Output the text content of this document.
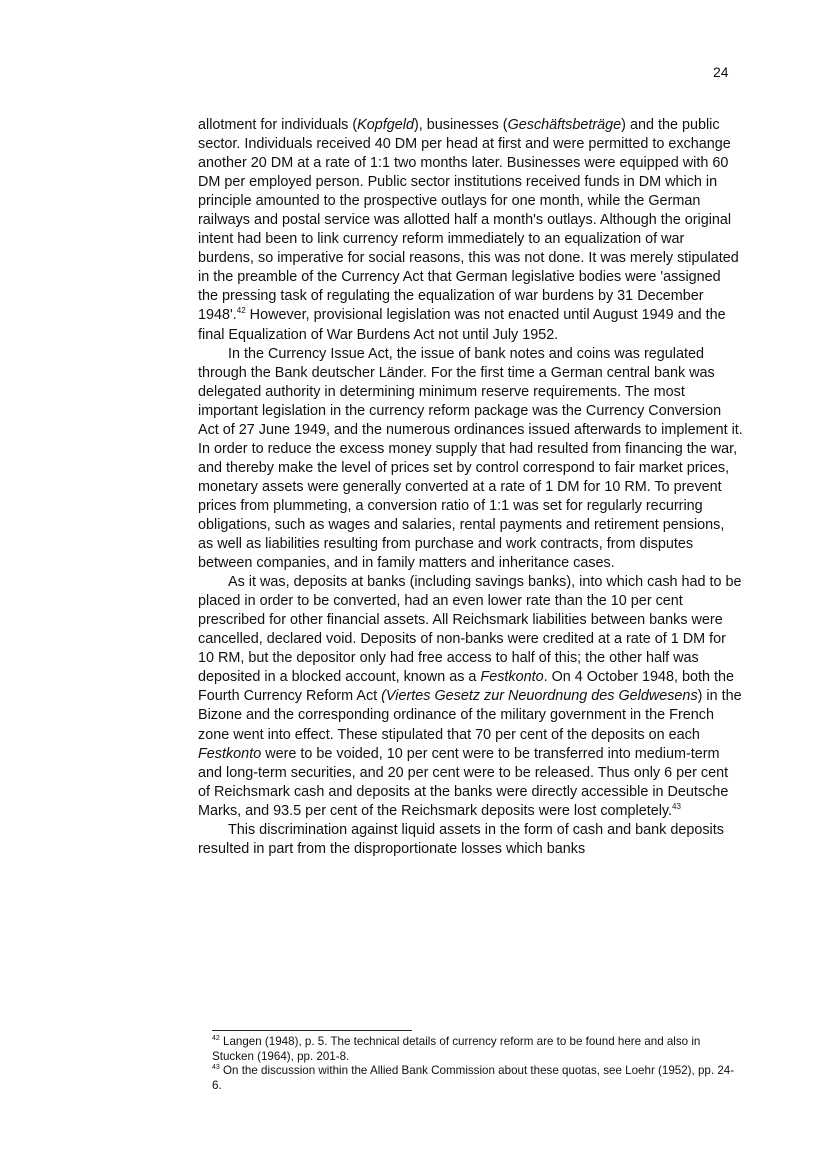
24

allotment for individuals (Kopfgeld), businesses (Geschäftsbeträge) and the public sector. Individuals received 40 DM per head at first and were permitted to exchange another 20 DM at a rate of 1:1 two months later. Businesses were equipped with 60 DM per employed person. Public sector institutions received funds in DM which in principle amounted to the prospective outlays for one month, while the German railways and postal service was allotted half a month's outlays. Although the original intent had been to link currency reform immediately to an equalization of war burdens, so imperative for social reasons, this was not done. It was merely stipulated in the preamble of the Currency Act that German legislative bodies were 'assigned the pressing task of regulating the equalization of war burdens by 31 December 1948'.$^{42}$ However, provisional legislation was not enacted until August 1949 and the final Equalization of War Burdens Act not until July 1952.

In the Currency Issue Act, the issue of bank notes and coins was regulated through the Bank deutscher Länder. For the first time a German central bank was delegated authority in determining minimum reserve requirements. The most important legislation in the currency reform package was the Currency Conversion Act of 27 June 1949, and the numerous ordinances issued afterwards to implement it. In order to reduce the excess money supply that had resulted from financing the war, and thereby make the level of prices set by control correspond to fair market prices, monetary assets were generally converted at a rate of 1 DM for 10 RM. To prevent prices from plummeting, a conversion ratio of 1:1 was set for regularly recurring obligations, such as wages and salaries, rental payments and retirement pensions, as well as liabilities resulting from purchase and work contracts, from disputes between companies, and in family matters and inheritance cases.

As it was, deposits at banks (including savings banks), into which cash had to be placed in order to be converted, had an even lower rate than the 10 per cent prescribed for other financial assets. All Reichsmark liabilities between banks were cancelled, declared void. Deposits of non-banks were credited at a rate of 1 DM for 10 RM, but the depositor only had free access to half of this; the other half was deposited in a blocked account, known as a Festkonto. On 4 October 1948, both the Fourth Currency Reform Act (Viertes Gesetz zur Neuordnung des Geldwesens) in the Bizone and the corresponding ordinance of the military government in the French zone went into effect. These stipulated that 70 per cent of the deposits on each Festkonto were to be voided, 10 per cent were to be transferred into medium-term and long-term securities, and 20 per cent were to be released. Thus only 6 per cent of Reichsmark cash and deposits at the banks were directly accessible in Deutsche Marks, and 93.5 per cent of the Reichsmark deposits were lost completely.$^{43}$

This discrimination against liquid assets in the form of cash and bank deposits resulted in part from the disproportionate losses which banks

$^{42}$ Langen (1948), p. 5. The technical details of currency reform are to be found here and also in Stucken (1964), pp. 201-8.

$^{43}$ On the discussion within the Allied Bank Commission about these quotas, see Loehr (1952), pp. 24-6.
